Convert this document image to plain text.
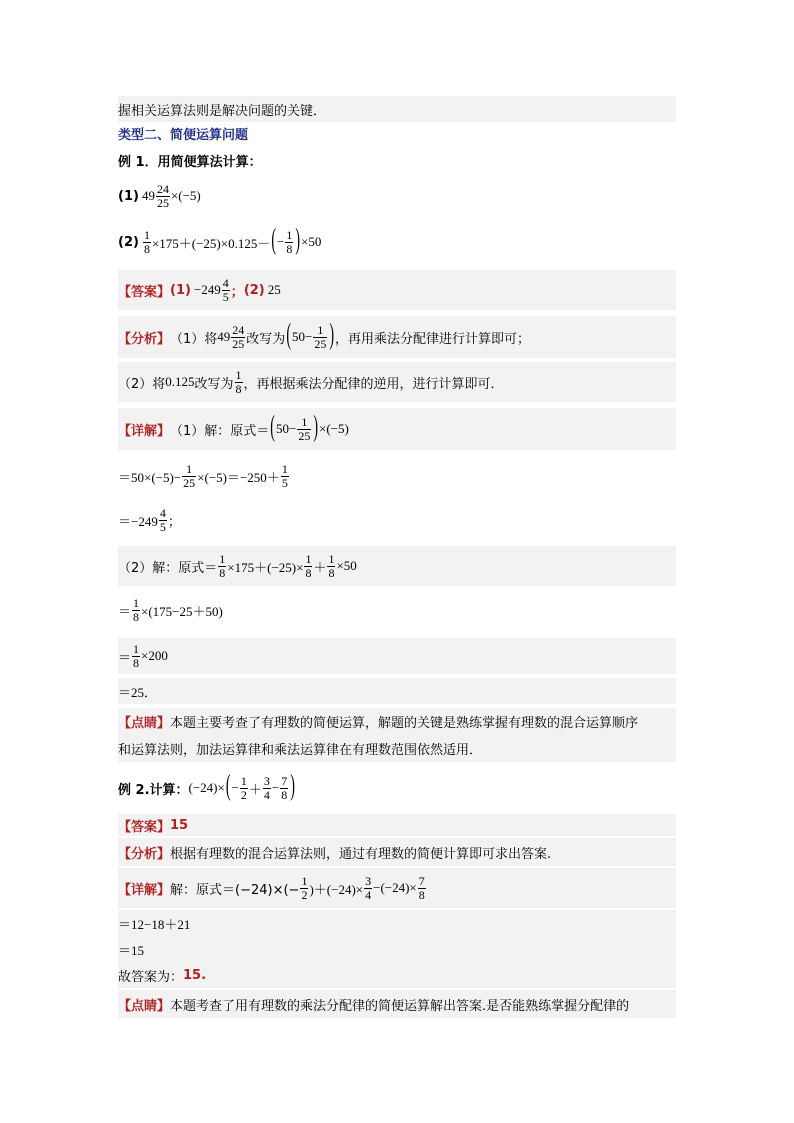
握相关运算法则是解决问题的关键．
类型二、简便运算问题
例 1．用简便算法计算：
(1) $49 \frac{24}{25} \times(-5)$
$(2) \frac{1}{8} \times 175+(-25)\times 0.125-$ ( − $\frac{1}{8}$ ) ×50
【答案】 $(1) -249 \frac{4}{5}$ ； (2) 25
【分析】 （1）将 $49 \frac{24}{25}$ 改写为 ( $50- \frac{1}{25}$ ) ，再用乘法分配律进行计算即可；
（2）将 0.125 改写为 $\frac{1}{8}$ ，再根据乘法分配律的逆用，进行计算即可．
【详解】 （1）解：原式＝ ( $50- \frac{1}{25}$ ) ×(−5)
$=50\times(-5)- \frac{1}{25} \times(-5)=-250+ \frac{1}{5}$
$=-249 \frac{4}{5}$ ；
（2）解：原式＝ $\frac{1}{8} \times 175+(-25)\times \frac{1}{8} + \frac{1}{8} \times 50$
＝ $\frac{1}{8} \times(175-25+50)$
＝ $\frac{1}{8} \times 200$
＝25．
【点睛】 本题主要考查了有理数的简便运算，解题的关键是熟练掌握有理数的混合运算顺序
和运算法则，加法运算律和乘法运算律在有理数范围依然适用．
例 2.计算： (−24)× ( − $\frac{1}{2} + \frac{3}{4} - \frac{7}{8}$ )
【答案】 15
【分析】 根据有理数的混合运算法则，通过有理数的简便计算即可求出答案.
【详解】 解：原式$=(-24)\times(- \frac{1}{2} )+(-24)\times \frac{3}{4} -(-24)\times \frac{7}{8}$
＝12−18＋21
＝15
故答案为： 15.
【点睛】 本题考查了用有理数的乘法分配律的简便运算解出答案.是否能熟练掌握分配律的
